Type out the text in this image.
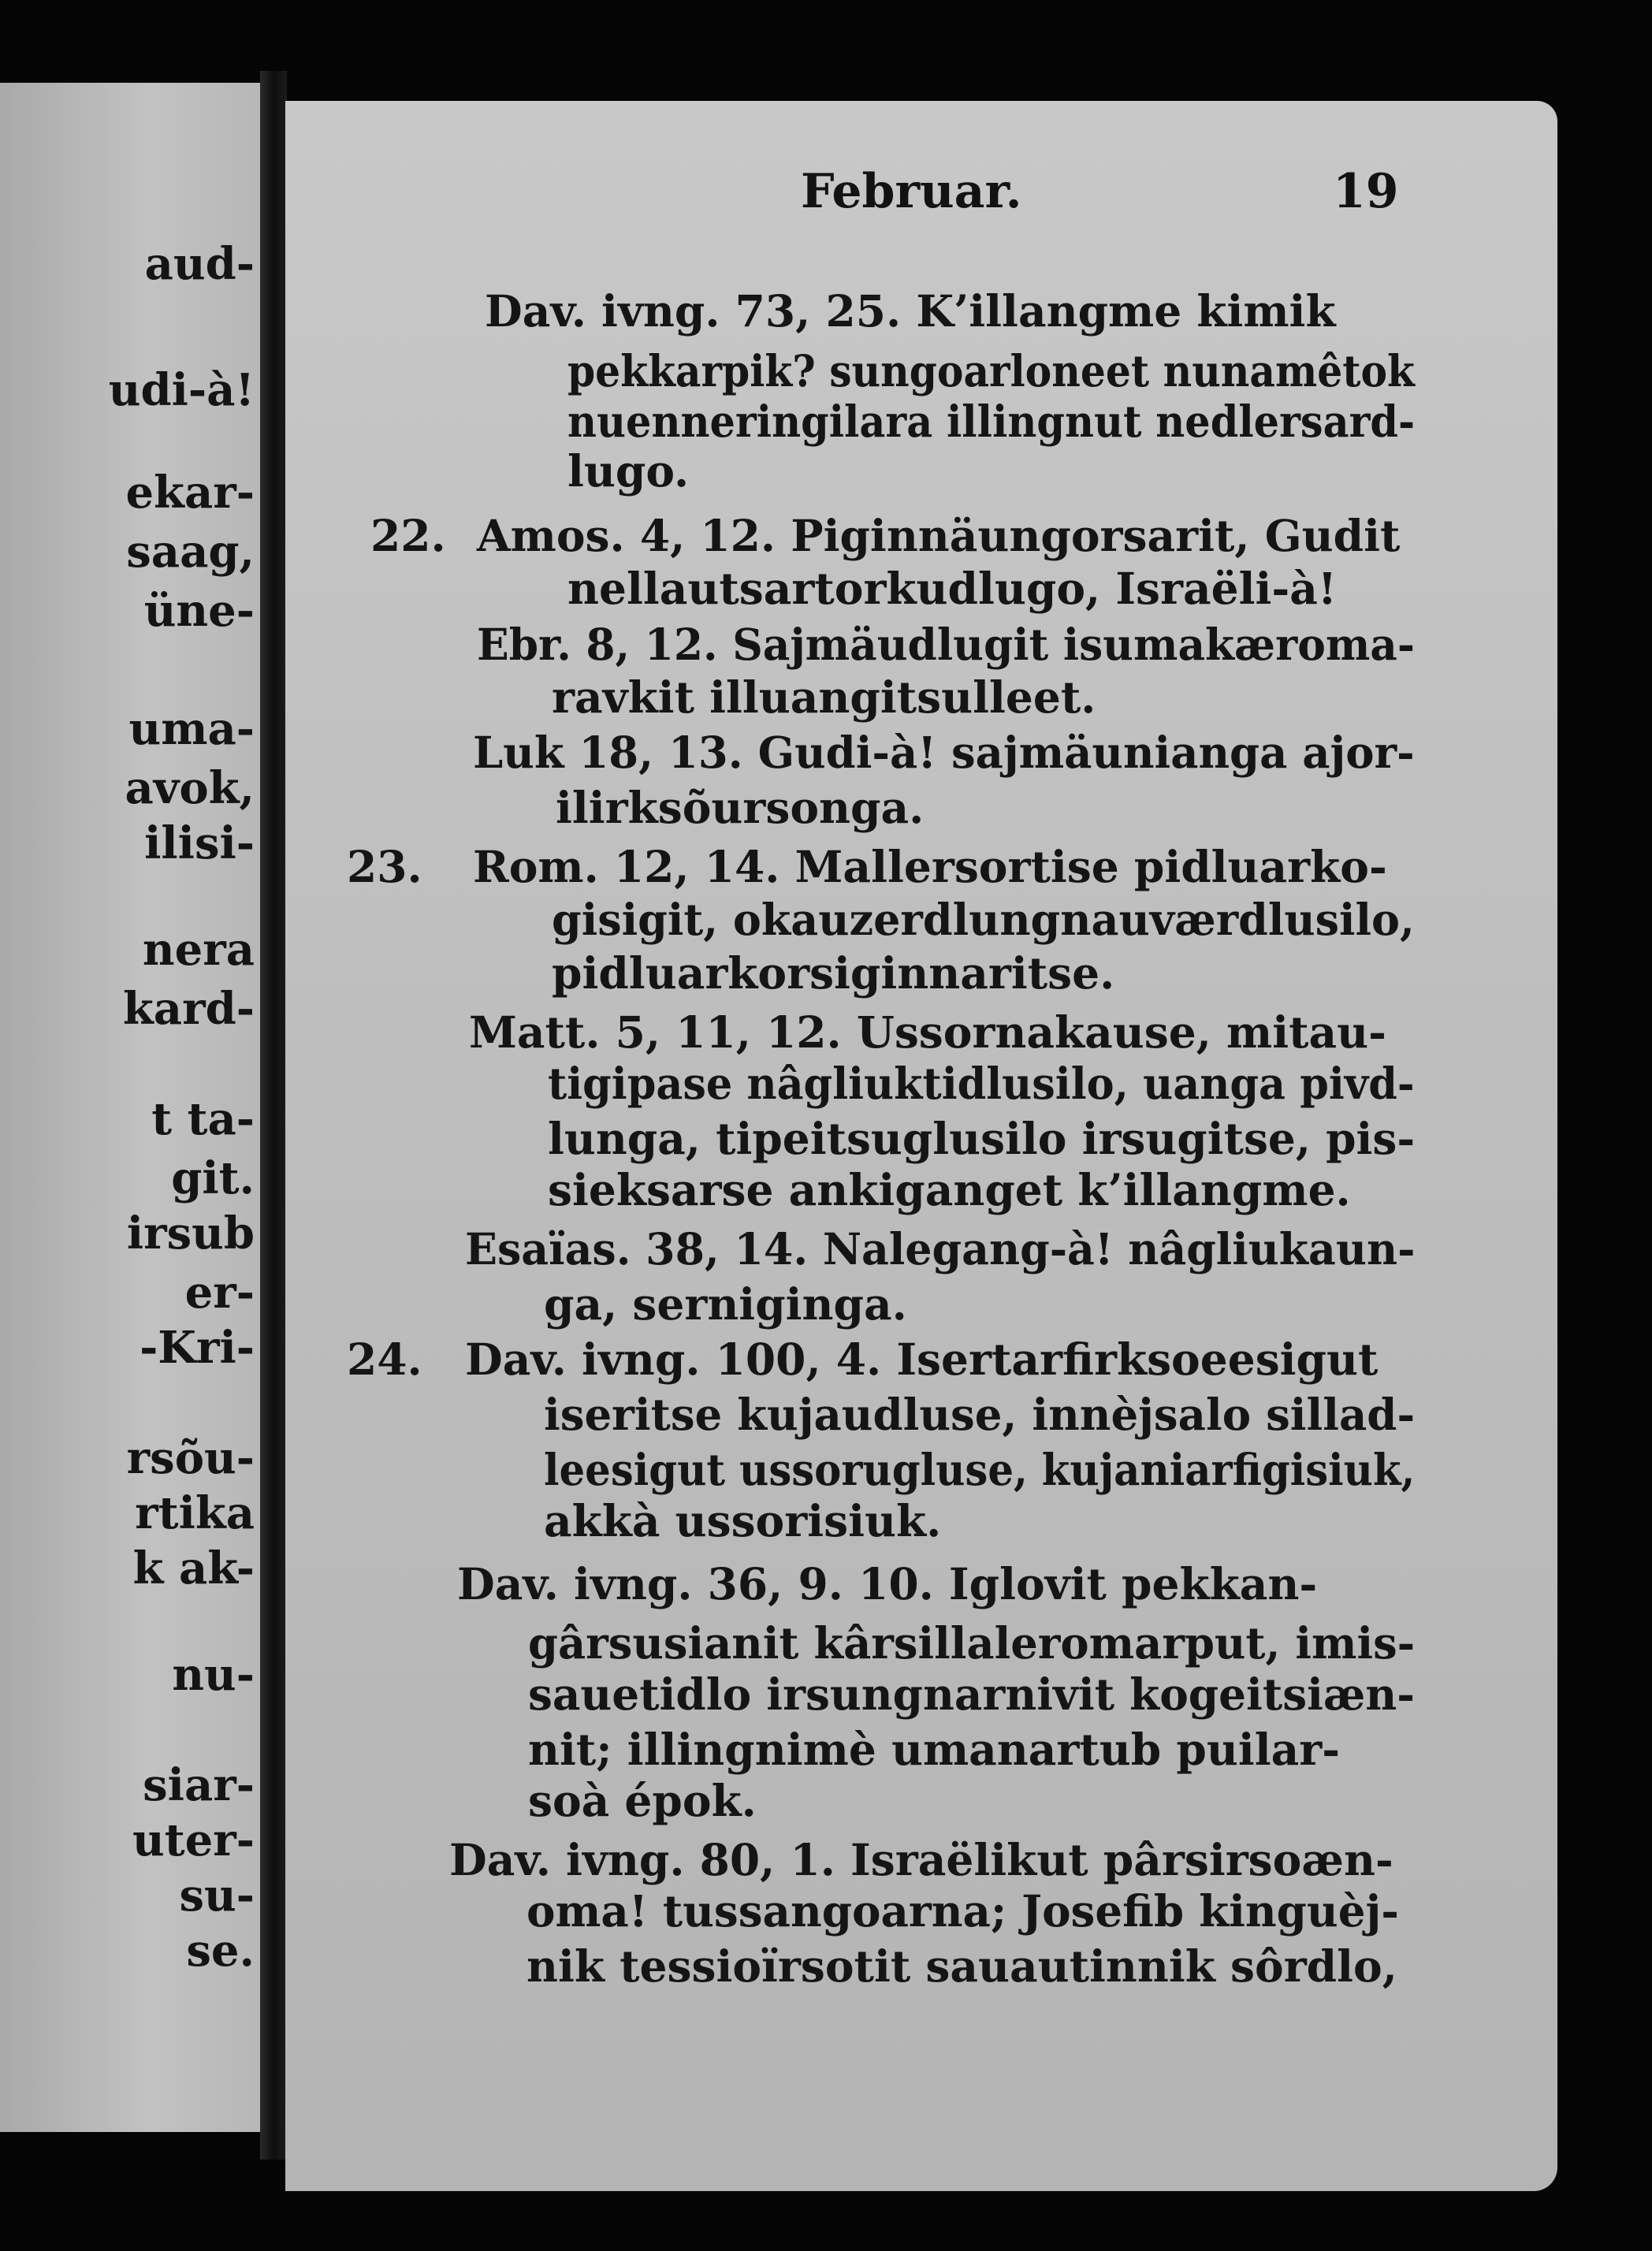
aud-
udi-à!
ekar-
saag,
üne-
uma-
avok,
ilisi-
nera
kard-
t ta-
git.
irsub
er-
-Kri-
rsõu-
rtika
k ak-
nu-
siar-
uter-
su-
se.
Februar.	19
Dav. ivng. 73, 25. K’illangme kimik
pekkarpik? sungoarloneet nunamêtok
nuenneringilara illingnut nedlersard-
lugo.
22. Amos. 4, 12. Piginnäungorsarit, Gudit
nellautsartorkudlugo, Israëli-à!
Ebr. 8, 12. Sajmäudlugit isumakæroma-
ravkit illuangitsulleet.
Luk 18, 13. Gudi-à! sajmäunianga ajor-
ilirksõursonga.
23. Rom. 12, 14. Mallersortise pidluarko-
gisigit, okauzerdlungnauværdlusilo,
pidluarkorsiginnaritse.
Matt. 5, 11, 12. Ussornakause, mitau-
tigipase nâgliuktidlusilo, uanga pivd-
lunga, tipeitsuglusilo irsugitse, pis-
sieksarse ankiganget k’illangme.
Esaïas. 38, 14. Nalegang-à! nâgliukaun-
ga, serniginga.
24. Dav. ivng. 100, 4. Isertarfirksoeesigut
iseritse kujaudluse, innèjsalo sillad-
leesigut ussorugluse, kujaniarfigisiuk,
akkà ussorisiuk.
Dav. ivng. 36, 9. 10. Iglovit pekkan-
gârsusianit kârsillaleromarput, imis-
sauetidlo irsungnarnivit kogeitsiæn-
nit; illingnimè umanartub puilar-
soà épok.
Dav. ivng. 80, 1. Israëlikut pârsirsoæn-
oma! tussangoarna; Josefib kinguèj-
nik tessioïrsotit sauautinnik sôrdlo,
